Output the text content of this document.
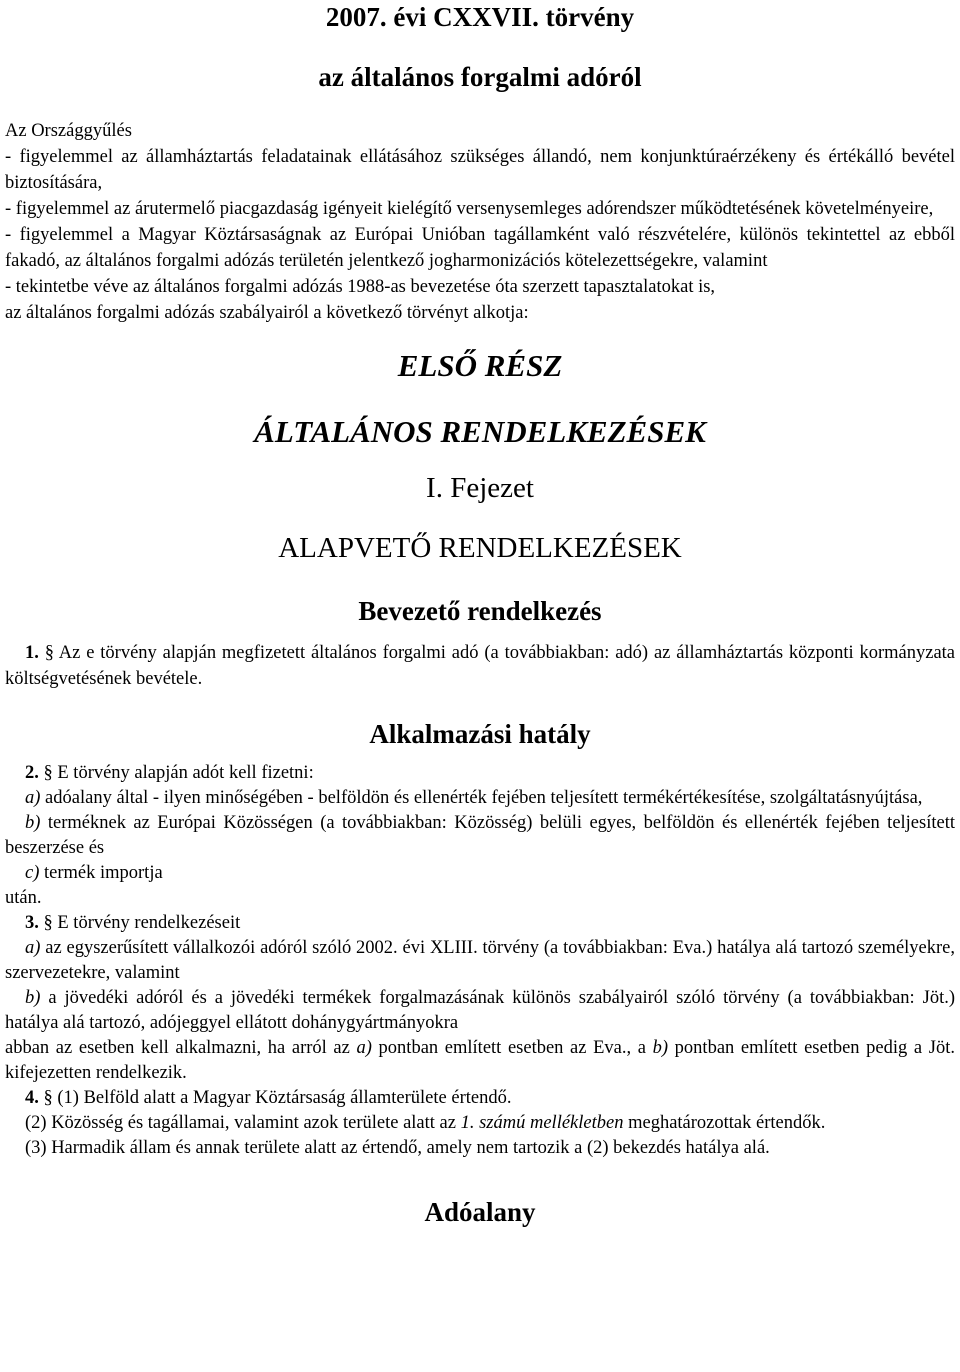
2007. évi CXXVII. törvény

az általános forgalmi adóról

Az Országgyűlés

- figyelemmel az államháztartás feladatainak ellátásához szükséges állandó, nem konjunktúraérzékeny és értékálló bevétel biztosítására,

- figyelemmel az árutermelő piacgazdaság igényeit kielégítő versenysemleges adórendszer működtetésének követelményeire,

- figyelemmel a Magyar Köztársaságnak az Európai Unióban tagállamként való részvételére, különös tekintettel az ebből fakadó, az általános forgalmi adózás területén jelentkező jogharmonizációs kötelezettségekre, valamint

- tekintetbe véve az általános forgalmi adózás 1988-as bevezetése óta szerzett tapasztalatokat is,

az általános forgalmi adózás szabályairól a következő törvényt alkotja:

ELSŐ RÉSZ

ÁLTALÁNOS RENDELKEZÉSEK

I. Fejezet

ALAPVETŐ RENDELKEZÉSEK

Bevezető rendelkezés

1. § Az e törvény alapján megfizetett általános forgalmi adó (a továbbiakban: adó) az államháztartás központi kormányzata költségvetésének bevétele.

Alkalmazási hatály

2. § E törvény alapján adót kell fizetni:

a) adóalany által - ilyen minőségében - belföldön és ellenérték fejében teljesített termékértékesítése, szolgáltatásnyújtása,

b) terméknek az Európai Közösségen (a továbbiakban: Közösség) belüli egyes, belföldön és ellenérték fejében teljesített beszerzése és

c) termék importja

után.

3. § E törvény rendelkezéseit

a) az egyszerűsített vállalkozói adóról szóló 2002. évi XLIII. törvény (a továbbiakban: Eva.) hatálya alá tartozó személyekre, szervezetekre, valamint

b) a jövedéki adóról és a jövedéki termékek forgalmazásának különös szabályairól szóló törvény (a továbbiakban: Jöt.) hatálya alá tartozó, adójeggyel ellátott dohánygyártmányokra

abban az esetben kell alkalmazni, ha arról az a) pontban említett esetben az Eva., a b) pontban említett esetben pedig a Jöt. kifejezetten rendelkezik.

4. § (1) Belföld alatt a Magyar Köztársaság államterülete értendő.

(2) Közösség és tagállamai, valamint azok területe alatt az 1. számú mellékletben meghatározottak értendők.

(3) Harmadik állam és annak területe alatt az értendő, amely nem tartozik a (2) bekezdés hatálya alá.

Adóalany
